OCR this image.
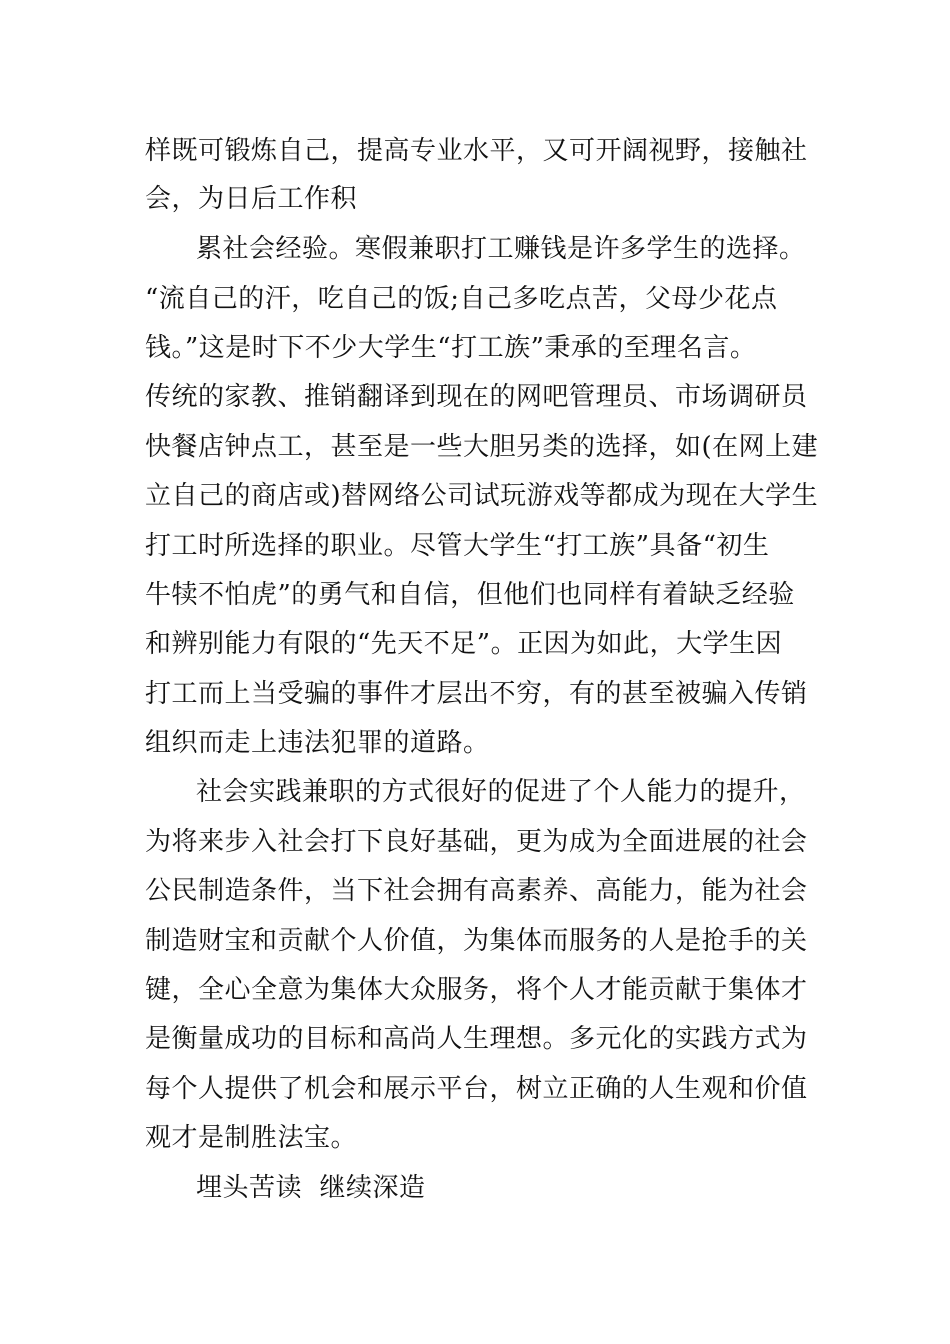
样既可锻炼自己，提高专业水平，又可开阔视野，接触社
会，为日后工作积
累社会经验。寒假兼职打工赚钱是许多学生的选择。
“流自己的汗，吃自己的饭;自己多吃点苦，父母少花点
钱。”这是时下不少大学生“打工族”秉承的至理名言。
传统的家教、推销翻译到现在的网吧管理员、市场调研员
快餐店钟点工，甚至是一些大胆另类的选择，如(在网上建
立自己的商店或)替网络公司试玩游戏等都成为现在大学生
打工时所选择的职业。尽管大学生“打工族”具备“初生
牛犊不怕虎”的勇气和自信，但他们也同样有着缺乏经验
和辨别能力有限的“先天不足”。正因为如此，大学生因
打工而上当受骗的事件才层出不穷，有的甚至被骗入传销
组织而走上违法犯罪的道路。
社会实践兼职的方式很好的促进了个人能力的提升，
为将来步入社会打下良好基础，更为成为全面进展的社会
公民制造条件，当下社会拥有高素养、高能力，能为社会
制造财宝和贡献个人价值，为集体而服务的人是抢手的关
键，全心全意为集体大众服务，将个人才能贡献于集体才
是衡量成功的目标和高尚人生理想。多元化的实践方式为
每个人提供了机会和展示平台，树立正确的人生观和价值
观才是制胜法宝。
埋头苦读  继续深造
